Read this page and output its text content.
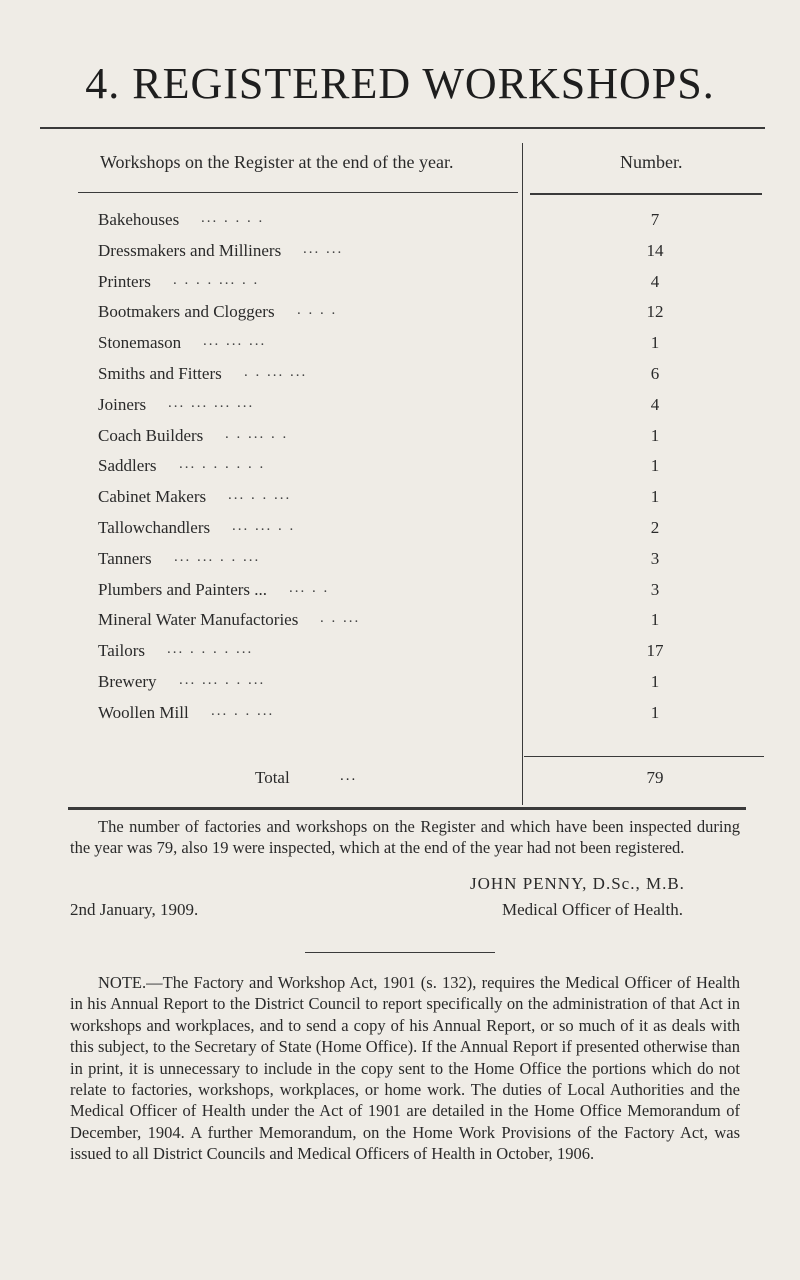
4. REGISTERED WORKSHOPS.
Workshops on the Register at the end of the year.	Number.
Bakehouses ... . . . .	7
Dressmakers and Milliners ... ...	14
Printers . . . . ... . .	4
Bootmakers and Cloggers . . . .	12
Stonemason ... ... ...	1
Smiths and Fitters . . ... ...	6
Joiners ... ... ... ...	4
Coach Builders . . ... . .	1
Saddlers ... . . . . . .	1
Cabinet Makers ... . . ...	1
Tallowchandlers ... ... . .	2
Tanners ... ... . . ...	3
Plumbers and Painters ... ... . .	3
Mineral Water Manufactories . . ...	1
Tailors ... . . . . ...	17
Brewery ... ... . . ...	1
Woollen Mill ... . . ...	1
Total	...	79
The number of factories and workshops on the Register and which have been inspected during the year was 79, also 19 were inspected, which at the end of the year had not been registered.
JOHN PENNY, D.Sc., M.B.
2nd January, 1909.	Medical Officer of Health.
NOTE.—The Factory and Workshop Act, 1901 (s. 132), requires the Medical Officer of Health in his Annual Report to the District Council to report specifically on the administration of that Act in workshops and workplaces, and to send a copy of his Annual Report, or so much of it as deals with this subject, to the Secretary of State (Home Office). If the Annual Report if presented otherwise than in print, it is unnecessary to include in the copy sent to the Home Office the portions which do not relate to factories, workshops, workplaces, or home work. The duties of Local Authorities and the Medical Officer of Health under the Act of 1901 are detailed in the Home Office Memorandum of December, 1904. A further Memorandum, on the Home Work Provisions of the Factory Act, was issued to all District Councils and Medical Officers of Health in October, 1906.
